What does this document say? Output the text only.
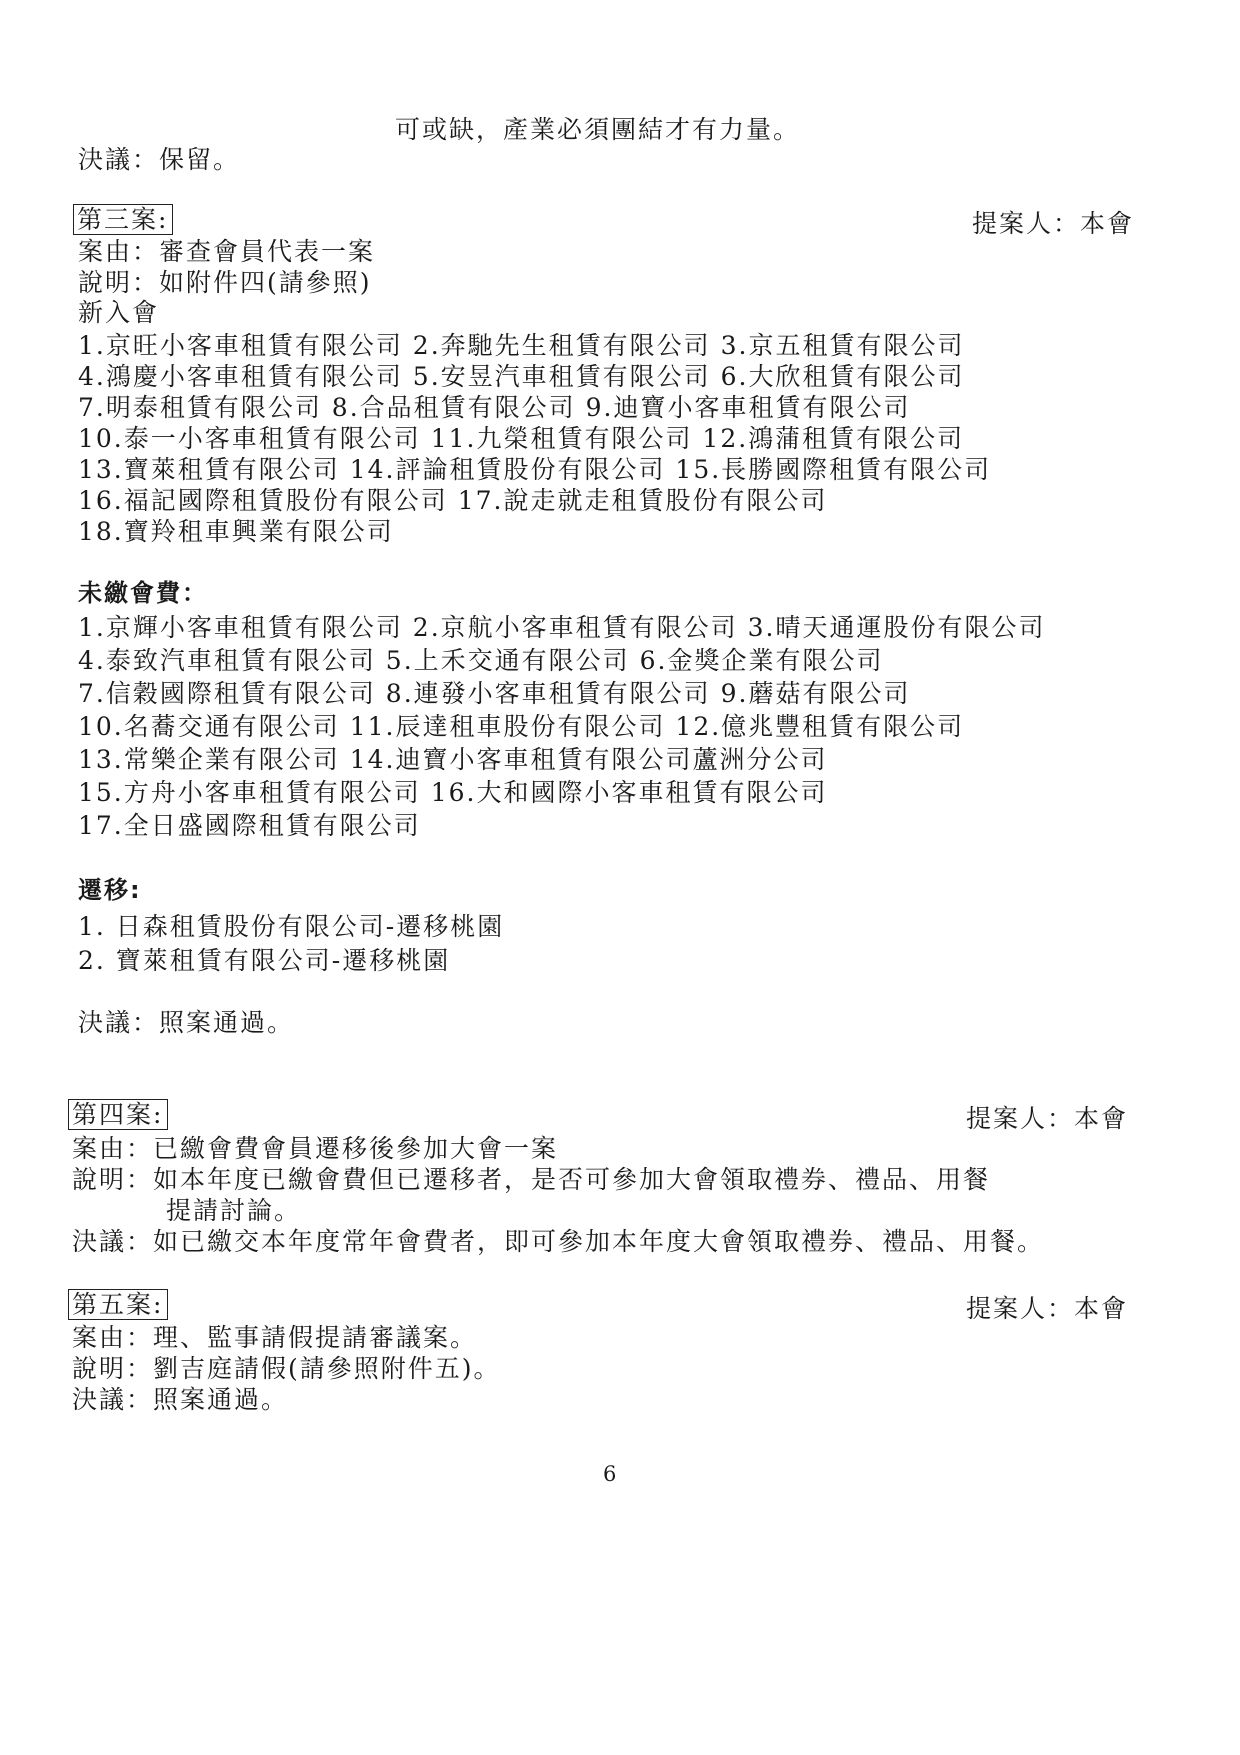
可或缺，產業必須團結才有力量。
決議：保留。
第三案:	提案人：本會
案由：審查會員代表一案
說明：如附件四(請參照)
新入會
1.京旺小客車租賃有限公司 2.奔馳先生租賃有限公司 3.京五租賃有限公司
4.鴻慶小客車租賃有限公司 5.安昱汽車租賃有限公司 6.大欣租賃有限公司
7.明泰租賃有限公司 8.合品租賃有限公司 9.迪寶小客車租賃有限公司
10.泰一小客車租賃有限公司 11.九榮租賃有限公司 12.鴻蒲租賃有限公司
13.寶萊租賃有限公司 14.評論租賃股份有限公司 15.長勝國際租賃有限公司
16.福記國際租賃股份有限公司 17.說走就走租賃股份有限公司
18.寶羚租車興業有限公司
未繳會費：
1.京輝小客車租賃有限公司 2.京航小客車租賃有限公司 3.晴天通運股份有限公司
4.泰致汽車租賃有限公司 5.上禾交通有限公司 6.金獎企業有限公司
7.信穀國際租賃有限公司 8.連發小客車租賃有限公司 9.蘑菇有限公司
10.名蕎交通有限公司 11.辰達租車股份有限公司 12.億兆豐租賃有限公司
13.常樂企業有限公司 14.迪寶小客車租賃有限公司蘆洲分公司
15.方舟小客車租賃有限公司 16.大和國際小客車租賃有限公司
17.全日盛國際租賃有限公司
遷移:
1. 日森租賃股份有限公司-遷移桃園
2. 寶萊租賃有限公司-遷移桃園
決議：照案通過。
第四案:	提案人：本會
案由：已繳會費會員遷移後參加大會一案
說明：如本年度已繳會費但已遷移者，是否可參加大會領取禮券、禮品、用餐
提請討論。
決議：如已繳交本年度常年會費者，即可參加本年度大會領取禮券、禮品、用餐。
第五案:	提案人：本會
案由：理、監事請假提請審議案。
說明：劉吉庭請假(請參照附件五)。
決議：照案通過。
6
